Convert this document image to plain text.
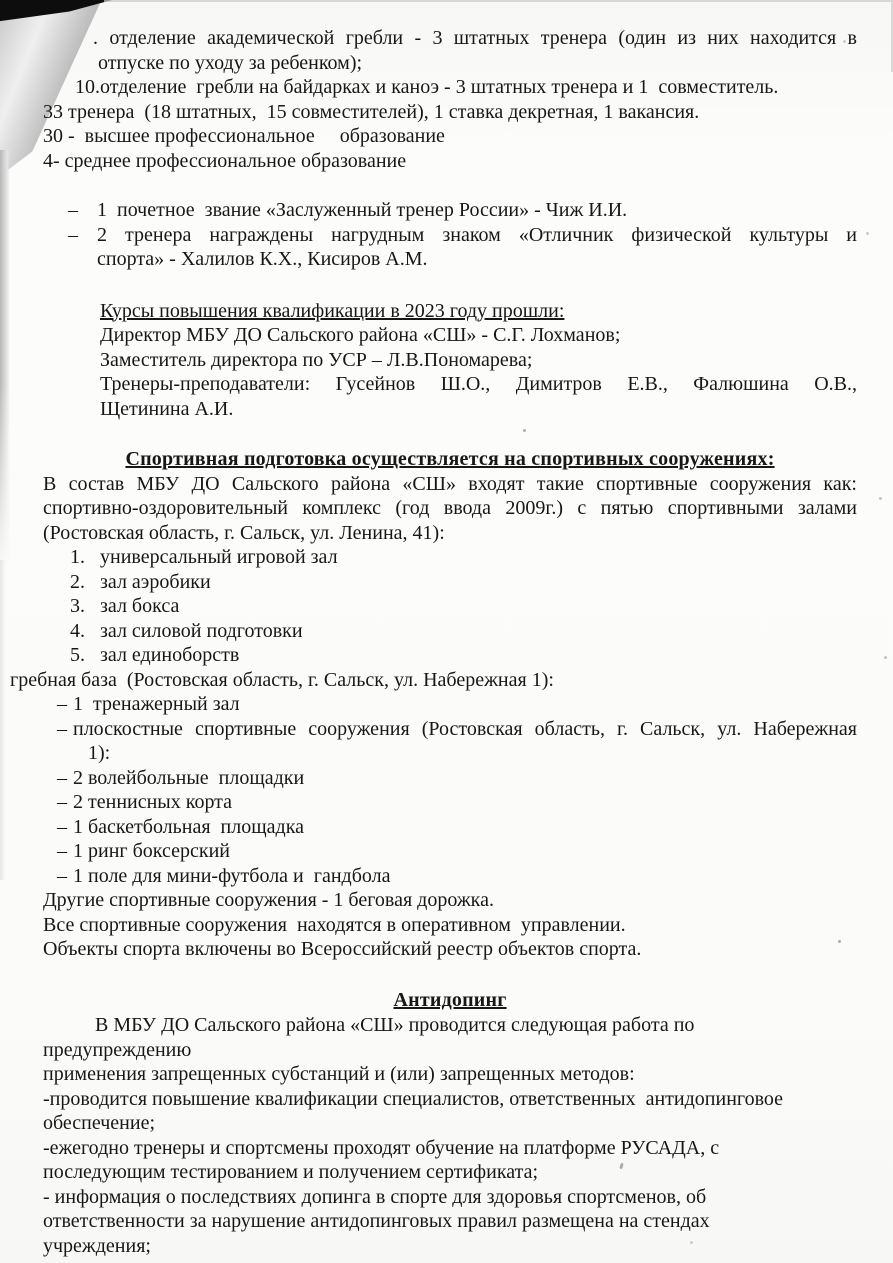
. отделение академической гребли - 3 штатных тренера (один из них находится в
отпуске по уходу за ребенком);
10. отделение  гребли на байдарках и каноэ - 3 штатных тренера и 1  совместитель.
33 тренера  (18 штатных,  15 совместителей), 1 ставка декретная, 1 вакансия.
30 -  высшее профессиональное     образование
4- среднее профессиональное образование
– 1  почетное  звание «Заслуженный тренер России» - Чиж И.И.
– 2 тренера награждены нагрудным знаком «Отличник физической культуры и
спорта» - Халилов К.Х., Кисиров А.М.
Курсы повышения квалификации в 2023 году прошли:
Директор МБУ ДО Сальского района «СШ» - С.Г. Лохманов;
Заместитель директора по УСР – Л.В.Пономарева;
Тренеры-преподаватели: Гусейнов Ш.О., Димитров Е.В., Фалюшина О.В.,
Щетинина А.И.
Спортивная подготовка осуществляется на спортивных сооружениях:
В состав МБУ ДО Сальского района «СШ» входят такие спортивные сооружения как:
спортивно-оздоровительный комплекс (год ввода 2009г.) с пятью спортивными залами
(Ростовская область, г. Сальск, ул. Ленина, 41):
1. универсальный игровой зал
2. зал аэробики
3. зал бокса
4. зал силовой подготовки
5. зал единоборств
гребная база  (Ростовская область, г. Сальск, ул. Набережная 1):
– 1  тренажерный зал
– плоскостные спортивные сооружения (Ростовская область, г. Сальск, ул. Набережная
1):
– 2 волейбольные  площадки
– 2 теннисных корта
– 1 баскетбольная  площадка
– 1 ринг боксерский
– 1 поле для мини-футбола и  гандбола
Другие спортивные сооружения - 1 беговая дорожка.
Все спортивные сооружения  находятся в оперативном  управлении.
Объекты спорта включены во Всероссийский реестр объектов спорта.
Антидопинг
В МБУ ДО Сальского района «СШ» проводится следующая работа по
предупреждению
применения запрещенных субстанций и (или) запрещенных методов:
-проводится повышение квалификации специалистов, ответственных  антидопинговое
обеспечение;
-ежегодно тренеры и спортсмены проходят обучение на платформе РУСАДА, с
последующим тестированием и получением сертификата;
- информация о последствиях допинга в спорте для здоровья спортсменов, об
ответственности за нарушение антидопинговых правил размещена на стендах
учреждения;
